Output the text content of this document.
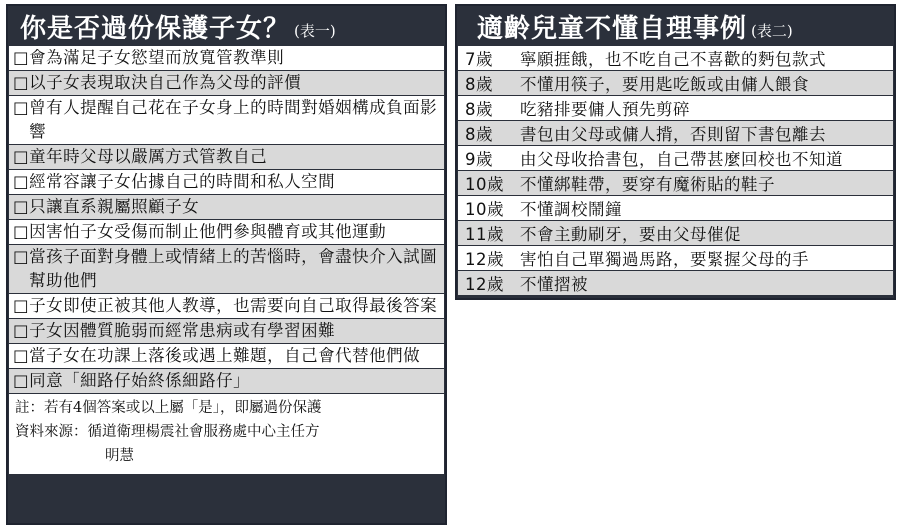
你是否過份保護子女？ (表一)
□ 會為滿足子女慾望而放寬管教準則
□ 以子女表現取決自己作為父母的評價
□ 曾有人提醒自己花在子女身上的時間對婚姻構成負面影響
□ 童年時父母以嚴厲方式管教自己
□ 經常容讓子女佔據自己的時間和私人空間
□ 只讓直系親屬照顧子女
□ 因害怕子女受傷而制止他們參與體育或其他運動
□ 當孩子面對身體上或情緒上的苦惱時，會盡快介入試圖幫助他們
□ 子女即使正被其他人教導，也需要向自己取得最後答案
□ 子女因體質脆弱而經常患病或有學習困難
□ 當子女在功課上落後或遇上難題，自己會代替他們做
□ 同意「細路仔始終係細路仔」
註：若有4個答案或以上屬「是」，即屬過份保護
資料來源：循道衛理楊震社會服務處中心主任方
明慧
適齡兒童不懂自理事例 (表二)
7歲	寧願捱餓，也不吃自己不喜歡的麪包款式
8歲	不懂用筷子，要用匙吃飯或由傭人餵食
8歲	吃豬排要傭人預先剪碎
8歲	書包由父母或傭人揹，否則留下書包離去
9歲	由父母收拾書包，自己帶甚麼回校也不知道
10歲 不懂綁鞋帶，要穿有魔術貼的鞋子
10歲 不懂調校鬧鐘
11歲 不會主動刷牙，要由父母催促
12歲 害怕自己單獨過馬路，要緊握父母的手
12歲 不懂摺被
